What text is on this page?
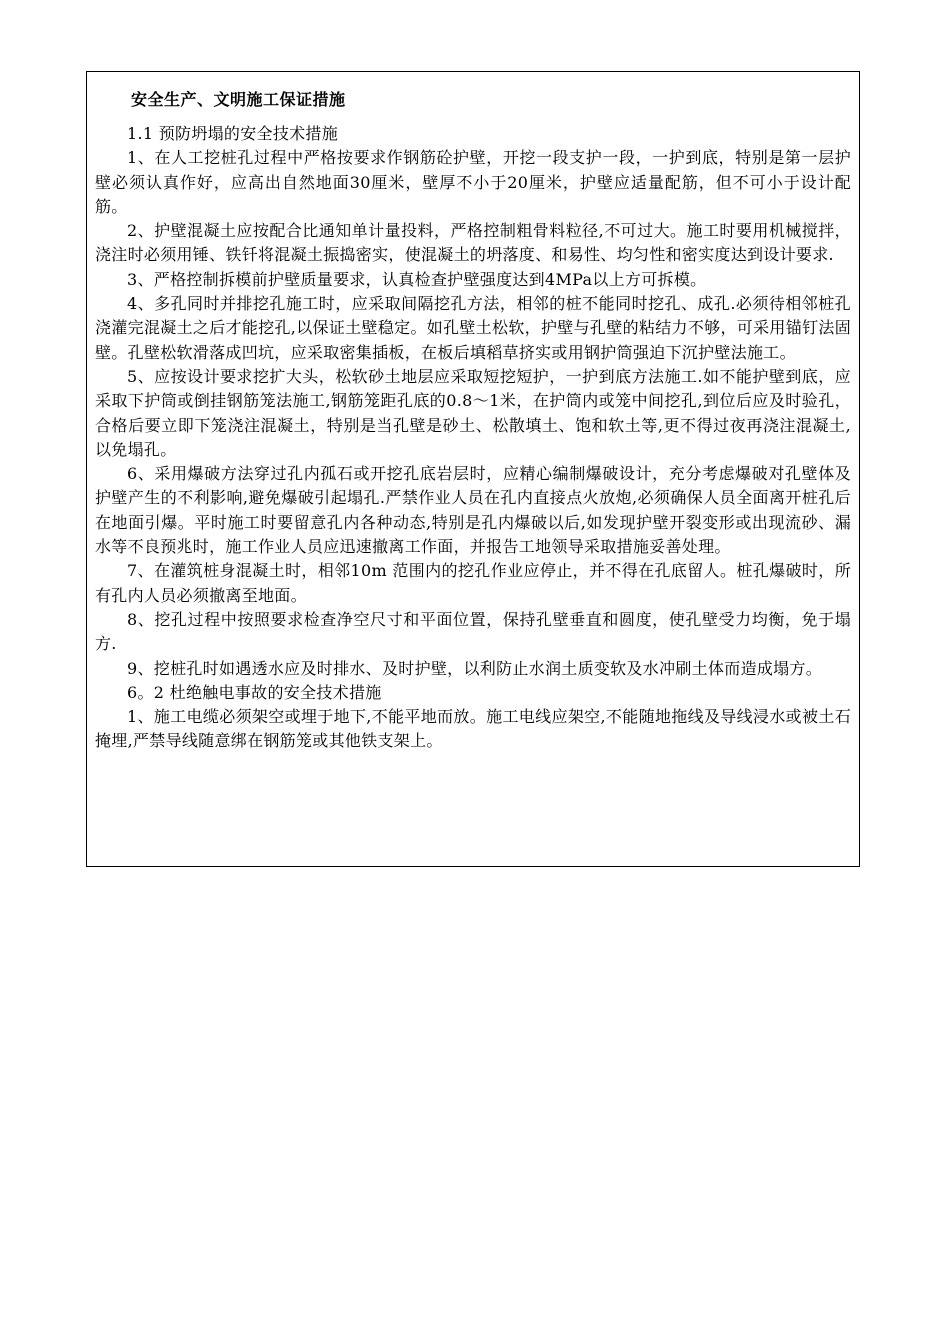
安全生产、文明施工保证措施

1.1 预防坍塌的安全技术措施

1、在人工挖桩孔过程中严格按要求作钢筋砼护壁，开挖一段支护一段，一护到底，特别是第一层护壁必须认真作好，应高出自然地面30厘米，壁厚不小于20厘米，护壁应适量配筋，但不可小于设计配筋。

2、护壁混凝土应按配合比通知单计量投料，严格控制粗骨料粒径,不可过大。施工时要用机械搅拌，浇注时必须用锤、铁钎将混凝土振捣密实，使混凝土的坍落度、和易性、均匀性和密实度达到设计要求.

3、严格控制拆模前护壁质量要求，认真检查护壁强度达到4MPa以上方可拆模。

4、多孔同时并排挖孔施工时，应采取间隔挖孔方法，相邻的桩不能同时挖孔、成孔.必须待相邻桩孔浇灌完混凝土之后才能挖孔,以保证土壁稳定。如孔壁土松软，护壁与孔壁的粘结力不够，可采用锚钉法固壁。孔壁松软滑落成凹坑，应采取密集插板，在板后填稻草挤实或用钢护筒强迫下沉护壁法施工。

5、应按设计要求挖扩大头，松软砂土地层应采取短挖短护，一护到底方法施工.如不能护壁到底，应采取下护筒或倒挂钢筋笼法施工,钢筋笼距孔底的0.8～1米，在护筒内或笼中间挖孔,到位后应及时验孔，合格后要立即下笼浇注混凝土，特别是当孔壁是砂土、松散填土、饱和软土等,更不得过夜再浇注混凝土,以免塌孔。

6、采用爆破方法穿过孔内孤石或开挖孔底岩层时，应精心编制爆破设计，充分考虑爆破对孔壁体及护壁产生的不利影响,避免爆破引起塌孔.严禁作业人员在孔内直接点火放炮,必须确保人员全面离开桩孔后在地面引爆。平时施工时要留意孔内各种动态,特别是孔内爆破以后,如发现护壁开裂变形或出现流砂、漏水等不良预兆时，施工作业人员应迅速撤离工作面，并报告工地领导采取措施妥善处理。

7、在灌筑桩身混凝土时，相邻10m 范围内的挖孔作业应停止，并不得在孔底留人。桩孔爆破时，所有孔内人员必须撤离至地面。

8、挖孔过程中按照要求检查净空尺寸和平面位置，保持孔壁垂直和圆度，使孔壁受力均衡，免于塌方.

9、挖桩孔时如遇透水应及时排水、及时护壁，以利防止水润土质变软及水冲刷土体而造成塌方。

6。2 杜绝触电事故的安全技术措施

1、施工电缆必须架空或埋于地下,不能平地而放。施工电线应架空,不能随地拖线及导线浸水或被土石掩埋,严禁导线随意绑在钢筋笼或其他铁支架上。
